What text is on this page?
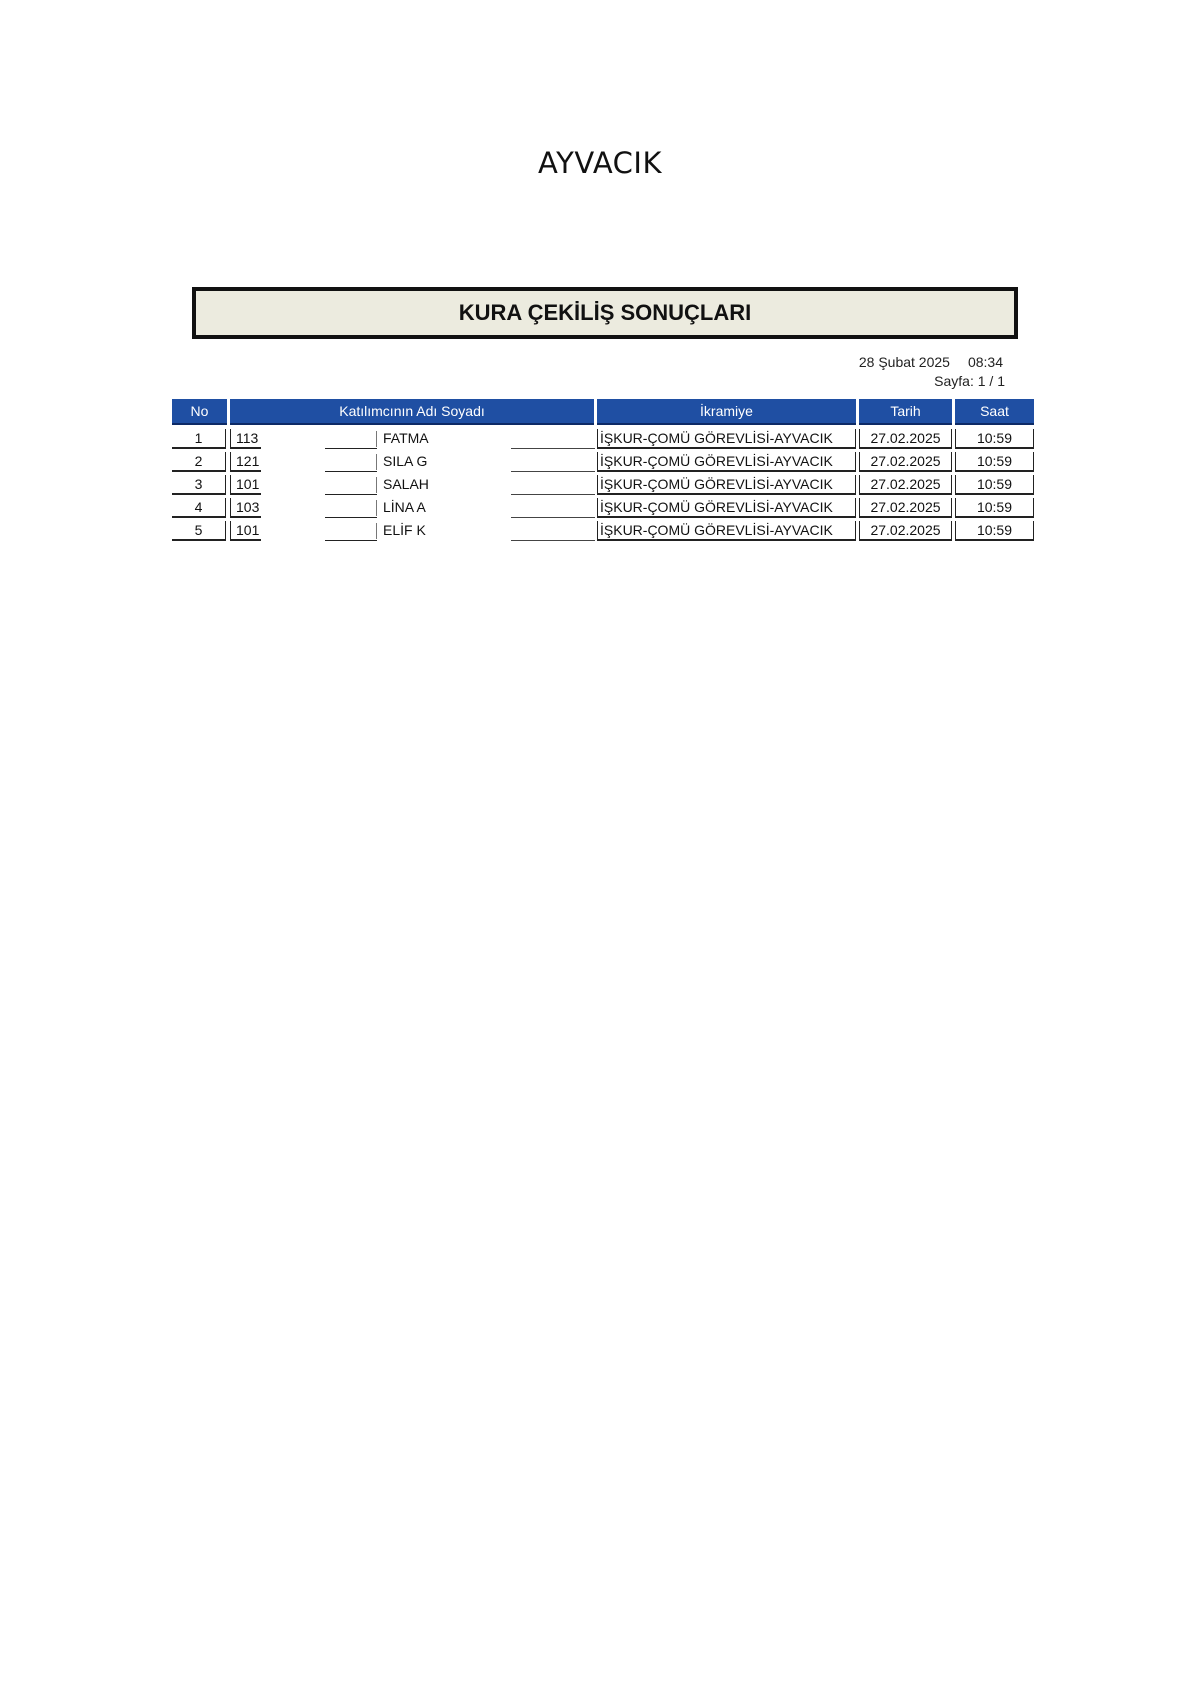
AYVACIK
KURA ÇEKİLİŞ SONUÇLARI
28 Şubat 2025 08:34
Sayfa: 1 / 1
No	Katılımcının Adı Soyadı	İkramiye	Tarih	Saat
1	113	FATMA	İŞKUR-ÇOMÜ GÖREVLİSİ-AYVACIK	27.02.2025	10:59
2	121	SILA G	İŞKUR-ÇOMÜ GÖREVLİSİ-AYVACIK	27.02.2025	10:59
3	101	SALAH	İŞKUR-ÇOMÜ GÖREVLİSİ-AYVACIK	27.02.2025	10:59
4	103	LİNA A	İŞKUR-ÇOMÜ GÖREVLİSİ-AYVACIK	27.02.2025	10:59
5	101	ELİF K	İŞKUR-ÇOMÜ GÖREVLİSİ-AYVACIK	27.02.2025	10:59
